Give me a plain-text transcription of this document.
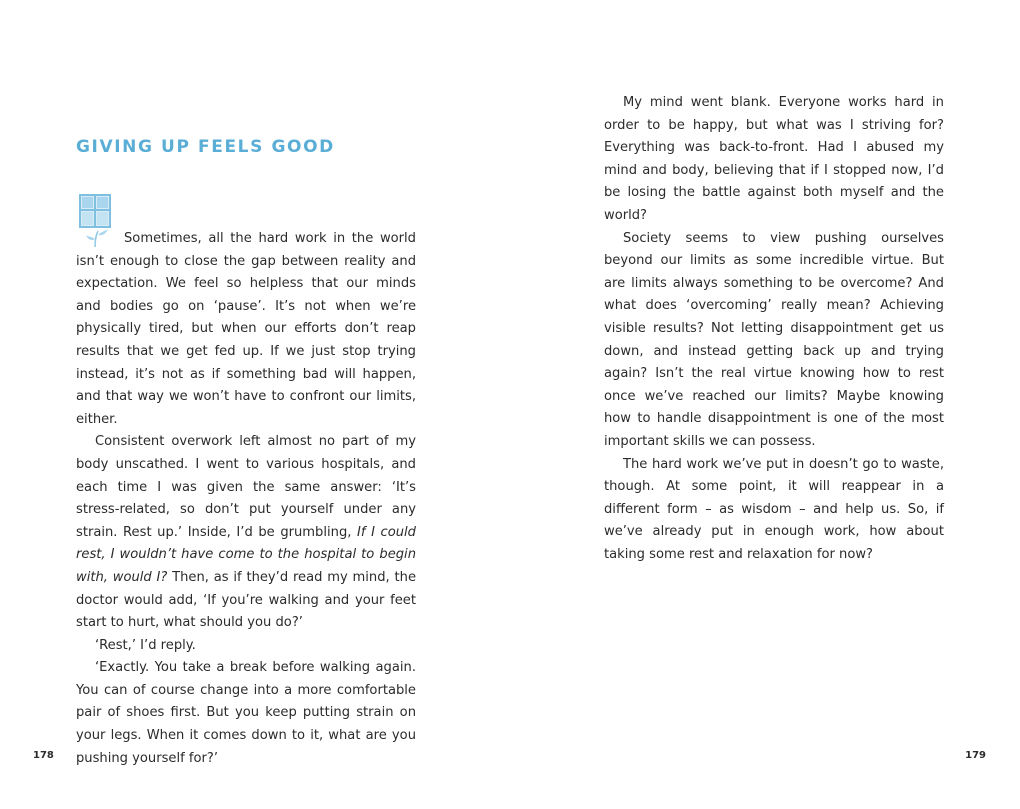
GIVING UP FEELS GOOD

Sometimes, all the hard work in the world isn’t enough to close the gap between reality and expectation. We feel so helpless that our minds and bodies go on ‘pause’. It’s not when we’re physically tired, but when our efforts don’t reap results that we get fed up. If we just stop trying instead, it’s not as if something bad will happen, and that way we won’t have to confront our limits, either.

Consistent overwork left almost no part of my body unscathed. I went to various hospitals, and each time I was given the same answer: ‘It’s stress-related, so don’t put yourself under any strain. Rest up.’ Inside, I’d be grumbling, If I could rest, I wouldn’t have come to the hospital to begin with, would I? Then, as if they’d read my mind, the doctor would add, ‘If you’re walking and your feet start to hurt, what should you do?’

‘Rest,’ I’d reply.

‘Exactly. You take a break before walking again. You can of course change into a more comfortable pair of shoes first. But you keep putting strain on your legs. When it comes down to it, what are you pushing yourself for?’

178

My mind went blank. Everyone works hard in order to be happy, but what was I striving for? Everything was back-to-front. Had I abused my mind and body, believing that if I stopped now, I’d be losing the battle against both myself and the world?

Society seems to view pushing ourselves beyond our limits as some incredible virtue. But are limits always something to be overcome? And what does ‘overcoming’ really mean? Achieving visible results? Not letting disappointment get us down, and instead getting back up and trying again? Isn’t the real virtue knowing how to rest once we’ve reached our limits? Maybe knowing how to handle disappointment is one of the most important skills we can possess.

The hard work we’ve put in doesn’t go to waste, though. At some point, it will reappear in a different form – as wisdom – and help us. So, if we’ve already put in enough work, how about taking some rest and relaxation for now?

179
